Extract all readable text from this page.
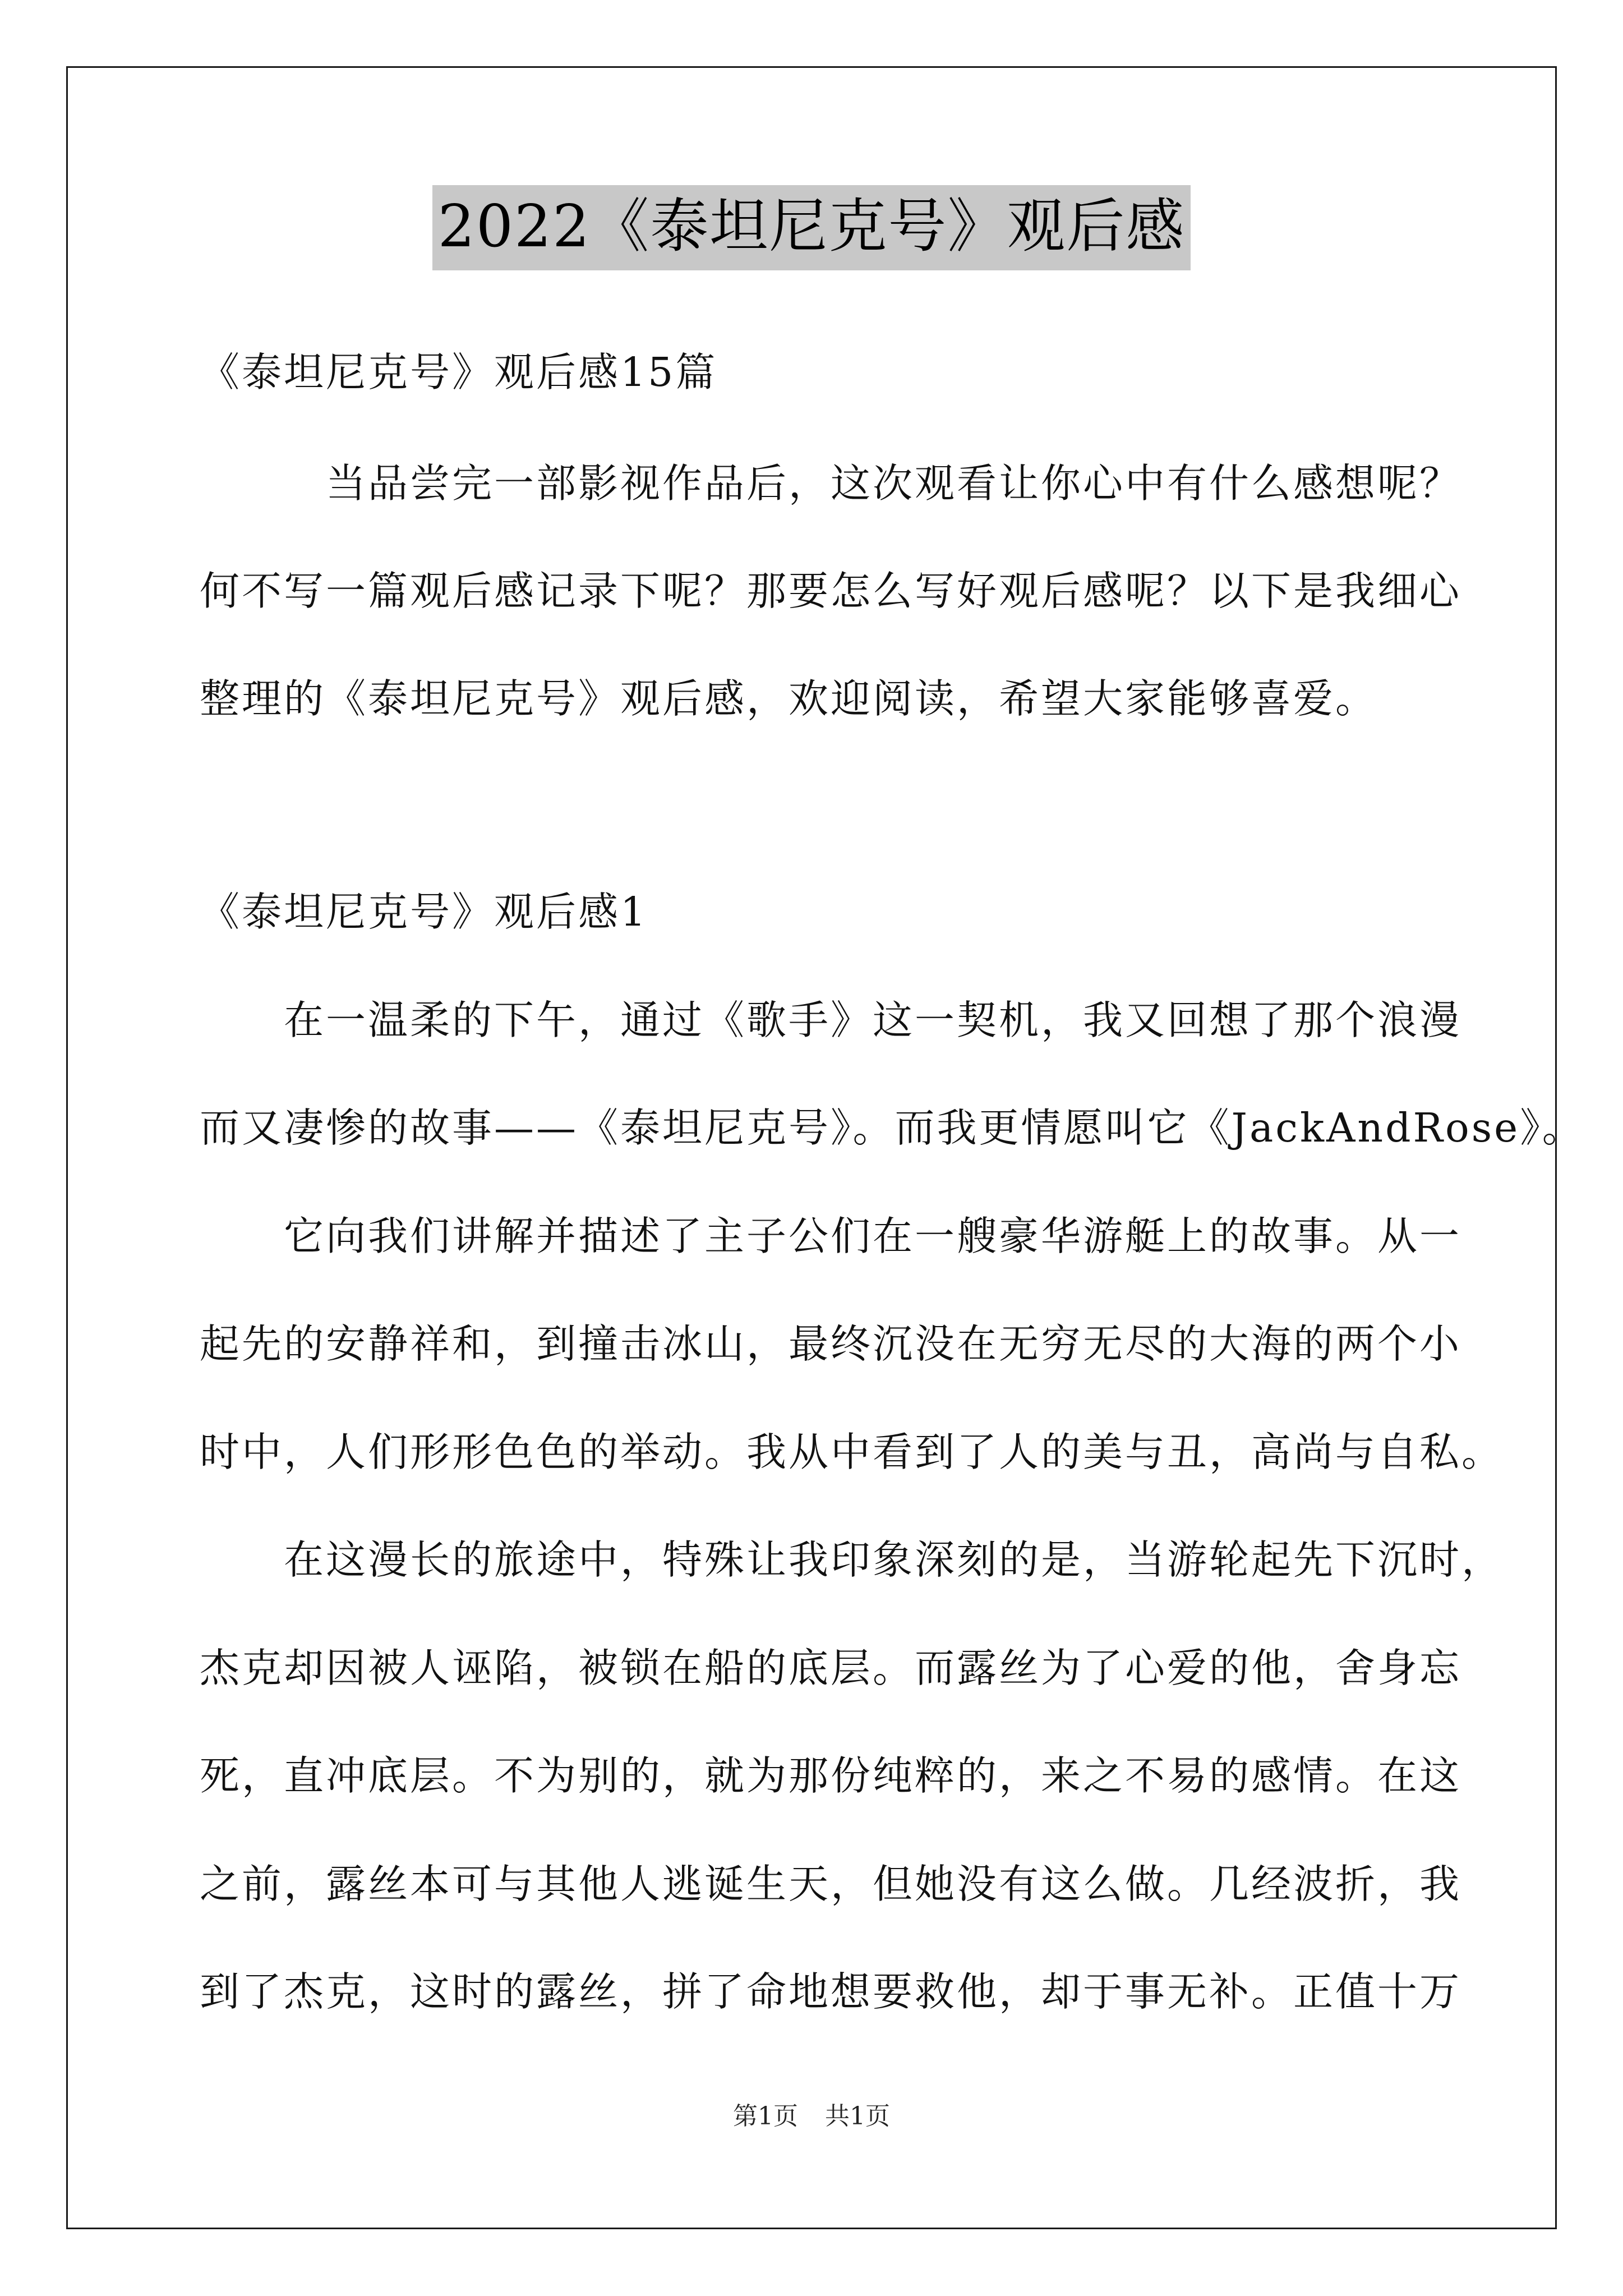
2022《泰坦尼克号》观后感
《泰坦尼克号》观后感15篇
　　　当品尝完一部影视作品后，这次观看让你心中有什么感想呢？
何不写一篇观后感记录下呢？那要怎么写好观后感呢？以下是我细心
整理的《泰坦尼克号》观后感，欢迎阅读，希望大家能够喜爱。
《泰坦尼克号》观后感1
　　在一温柔的下午，通过《歌手》这一契机，我又回想了那个浪漫
而又凄惨的故事——《泰坦尼克号》。而我更情愿叫它《JackAndRose》。
　　它向我们讲解并描述了主子公们在一艘豪华游艇上的故事。从一
起先的安静祥和，到撞击冰山，最终沉没在无穷无尽的大海的两个小
时中，人们形形色色的举动。我从中看到了人的美与丑，高尚与自私。
　　在这漫长的旅途中，特殊让我印象深刻的是，当游轮起先下沉时，
杰克却因被人诬陷，被锁在船的底层。而露丝为了心爱的他，舍身忘
死，直冲底层。不为别的，就为那份纯粹的，来之不易的感情。在这
之前，露丝本可与其他人逃诞生天，但她没有这么做。几经波折，我
到了杰克，这时的露丝，拼了命地想要救他，却于事无补。正值十万
第1页 共1页
